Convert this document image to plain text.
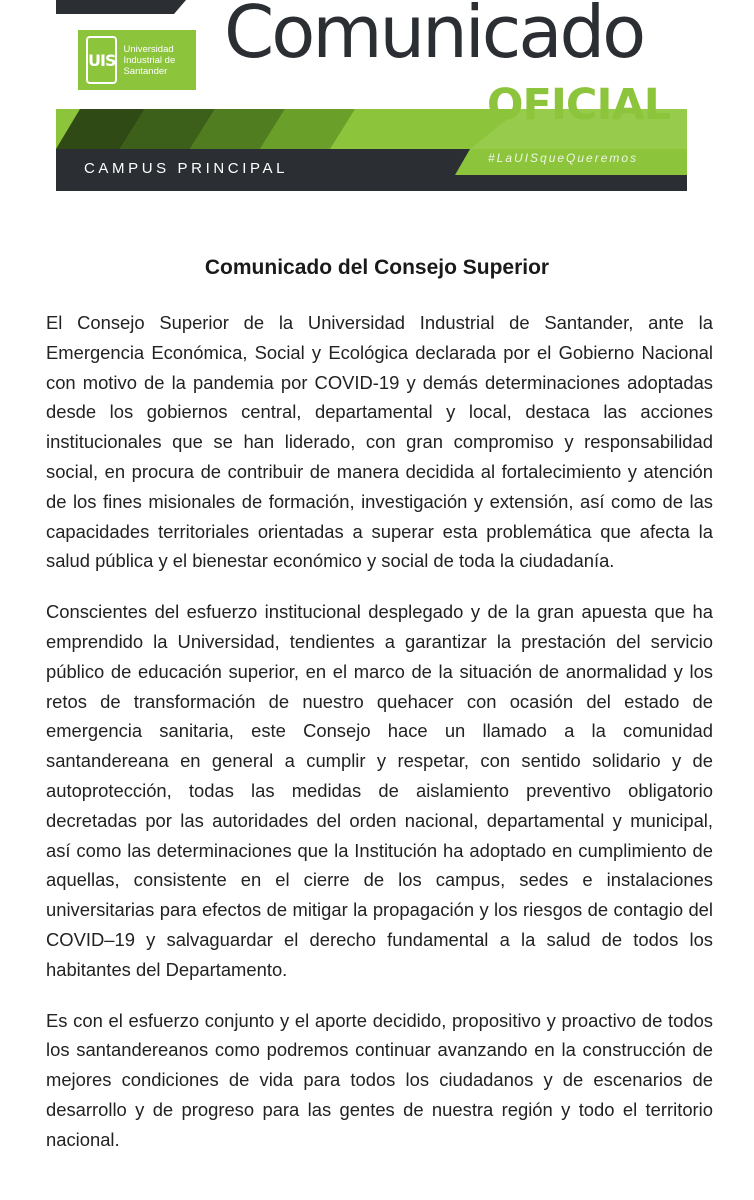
UIS
Universidad Industrial de Santander Comunicado
OFICIAL
CAMPUS PRINCIPAL
#LaUISqueQueremos
Comunicado del Consejo Superior

El Consejo Superior de la Universidad Industrial de Santander, ante la Emergencia Económica, Social y Ecológica declarada por el Gobierno Nacional con motivo de la pandemia por COVID-19 y demás determinaciones adoptadas desde los gobiernos central, departamental y local, destaca las acciones institucionales que se han liderado, con gran compromiso y responsabilidad social, en procura de contribuir de manera decidida al fortalecimiento y atención de los fines misionales de formación, investigación y extensión, así como de las capacidades territoriales orientadas a superar esta problemática que afecta la salud pública y el bienestar económico y social de toda la ciudadanía.

Conscientes del esfuerzo institucional desplegado y de la gran apuesta que ha emprendido la Universidad, tendientes a garantizar la prestación del servicio público de educación superior, en el marco de la situación de anormalidad y los retos de transformación de nuestro quehacer con ocasión del estado de emergencia sanitaria, este Consejo hace un llamado a la comunidad santandereana en general a cumplir y respetar, con sentido solidario y de autoprotección, todas las medidas de aislamiento preventivo obligatorio decretadas por las autoridades del orden nacional, departamental y municipal, así como las determinaciones que la Institución ha adoptado en cumplimiento de aquellas, consistente en el cierre de los campus, sedes e instalaciones universitarias para efectos de mitigar la propagación y los riesgos de contagio del COVID–19 y salvaguardar el derecho fundamental a la salud de todos los habitantes del Departamento.

Es con el esfuerzo conjunto y el aporte decidido, propositivo y proactivo de todos los santandereanos como podremos continuar avanzando en la construcción de mejores condiciones de vida para todos los ciudadanos y de escenarios de desarrollo y de progreso para las gentes de nuestra región y todo el territorio nacional.
